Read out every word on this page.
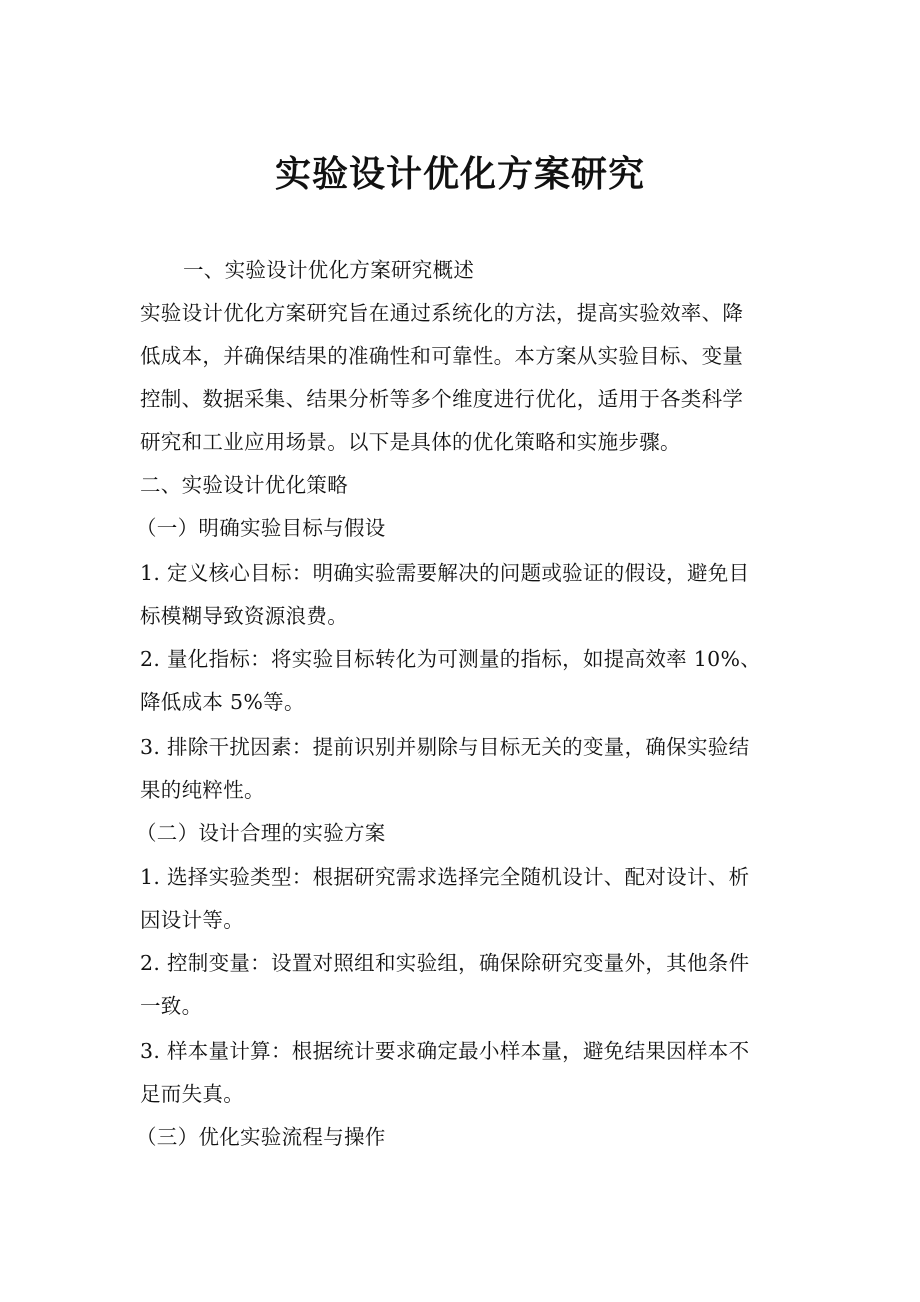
实验设计优化方案研究
一、实验设计优化方案研究概述
实验设计优化方案研究旨在通过系统化的方法，提高实验效率、降
低成本，并确保结果的准确性和可靠性。本方案从实验目标、变量
控制、数据采集、结果分析等多个维度进行优化，适用于各类科学
研究和工业应用场景。以下是具体的优化策略和实施步骤。
二、实验设计优化策略
（一）明确实验目标与假设
1. 定义核心目标：明确实验需要解决的问题或验证的假设，避免目
标模糊导致资源浪费。
2. 量化指标：将实验目标转化为可测量的指标，如提高效率 10%、
降低成本 5%等。
3. 排除干扰因素：提前识别并剔除与目标无关的变量，确保实验结
果的纯粹性。
（二）设计合理的实验方案
1. 选择实验类型：根据研究需求选择完全随机设计、配对设计、析
因设计等。
2. 控制变量：设置对照组和实验组，确保除研究变量外，其他条件
一致。
3. 样本量计算：根据统计要求确定最小样本量，避免结果因样本不
足而失真。
（三）优化实验流程与操作
